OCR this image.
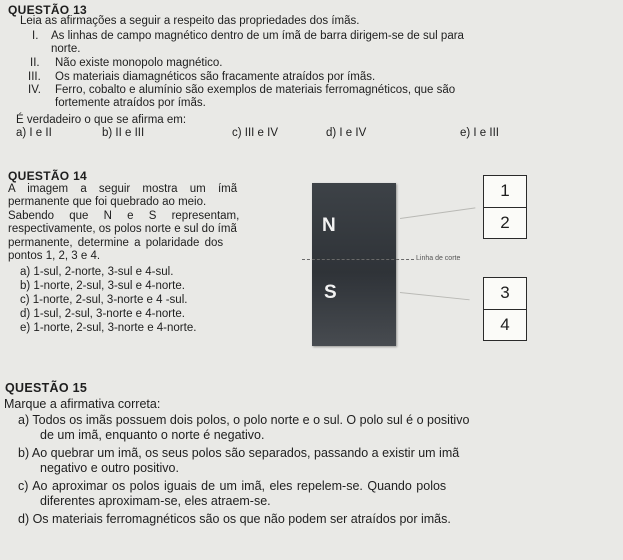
QUESTÃO 13
Leia as afirmações a seguir a respeito das propriedades dos ímãs.
I. As linhas de campo magnético dentro de um ímã de barra dirigem-se de sul para
norte.
II. Não existe monopolo magnético.
III. Os materiais diamagnéticos são fracamente atraídos por ímãs.
IV. Ferro, cobalto e alumínio são exemplos de materiais ferromagnéticos, que são
fortemente atraídos por ímãs.
É verdadeiro o que se afirma em:
a) I e II	b) II e III	c) III e IV	d) I e IV	e) I e III
QUESTÃO 14
A imagem a seguir mostra um ímã
permanente que foi quebrado ao meio.
Sabendo que N e S representam,
respectivamente, os polos norte e sul do ímã
permanente, determine a polaridade dos
pontos 1, 2, 3 e 4.
a) 1-sul, 2-norte, 3-sul e 4-sul.
b) 1-norte, 2-sul, 3-sul e 4-norte.
c) 1-norte, 2-sul, 3-norte e 4 -sul.
d) 1-sul, 2-sul, 3-norte e 4-norte.
e) 1-norte, 2-sul, 3-norte e 4-norte.
N
S
Linha de corte
1
2
3
4
QUESTÃO 15
Marque a afirmativa correta:
a) Todos os imãs possuem dois polos, o polo norte e o sul. O polo sul é o positivo
de um imã, enquanto o norte é negativo.
b) Ao quebrar um imã, os seus polos são separados, passando a existir um imã
negativo e outro positivo.
c) Ao aproximar os polos iguais de um imã, eles repelem-se. Quando polos
diferentes aproximam-se, eles atraem-se.
d) Os materiais ferromagnéticos são os que não podem ser atraídos por imãs.
